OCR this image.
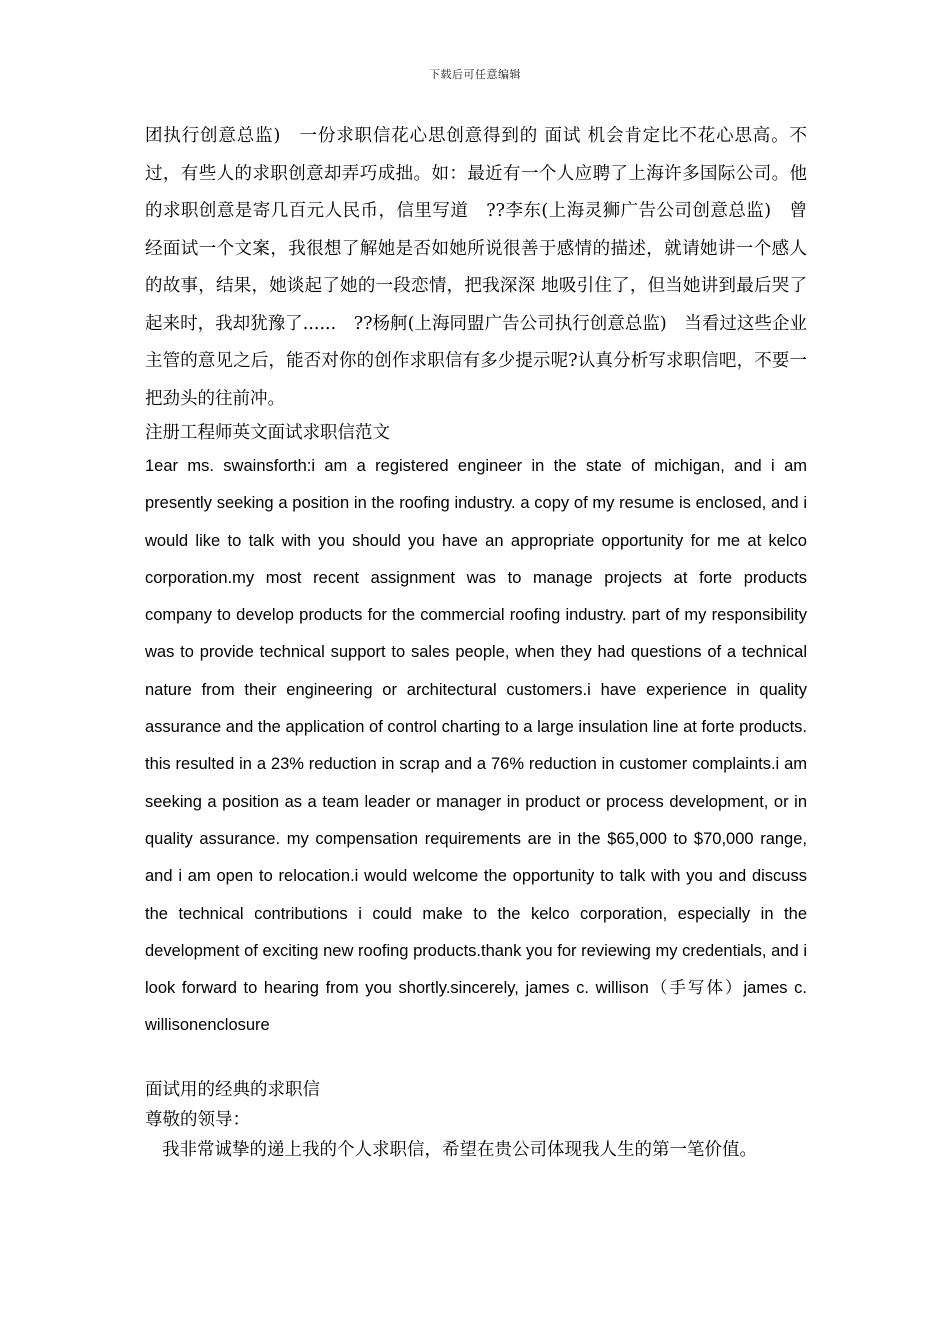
下载后可任意编辑

团执行创意总监)　一份求职信花心思创意得到的 面试 机会肯定比不花心思高。不过，有些人的求职创意却弄巧成拙。如：最近有一个人应聘了上海许多国际公司。他的求职创意是寄几百元人民币，信里写道　??李东(上海灵狮广告公司创意总监)　曾经面试一个文案，我很想了解她是否如她所说很善于感情的描述，就请她讲一个感人的故事，结果，她谈起了她的一段恋情，把我深深 地吸引住了，但当她讲到最后哭了起来时，我却犹豫了......　??杨舸(上海同盟广告公司执行创意总监)　当看过这些企业主管的意见之后，能否对你的创作求职信有多少提示呢?认真分析写求职信吧，不要一把劲头的往前冲。

注册工程师英文面试求职信范文

1ear ms. swainsforth:i am a registered engineer in the state of michigan, and i am presently seeking a position in the roofing industry. a copy of my resume is enclosed, and i would like to talk with you should you have an appropriate opportunity for me at kelco corporation.my most recent assignment was to manage projects at forte products company to develop products for the commercial roofing industry. part of my responsibility was to provide technical support to sales people, when they had questions of a technical nature from their engineering or architectural customers.i have experience in quality assurance and the application of control charting to a large insulation line at forte products. this resulted in a 23% reduction in scrap and a 76% reduction in customer complaints.i am seeking a position as a team leader or manager in product or process development, or in quality assurance. my compensation requirements are in the $65,000 to $70,000 range, and i am open to relocation.i would welcome the opportunity to talk with you and discuss the technical contributions i could make to the kelco corporation, especially in the development of exciting new roofing products.thank you for reviewing my credentials, and i look forward to hearing from you shortly.sincerely, james c. willison（手写体）james c. willisonenclosure

面试用的经典的求职信

尊敬的领导：

我非常诚挚的递上我的个人求职信，希望在贵公司体现我人生的第一笔价值。
